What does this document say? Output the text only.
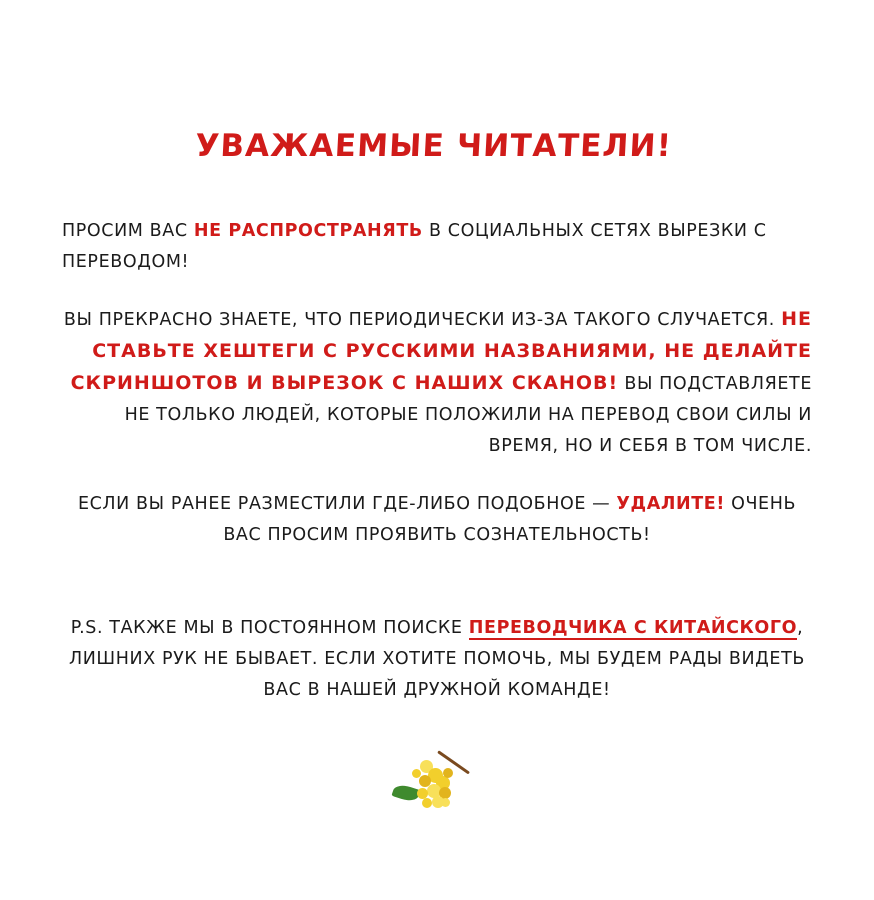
УВАЖАЕМЫЕ ЧИТАТЕЛИ!

ПРОСИМ ВАС НЕ РАСПРОСТРАНЯТЬ В СОЦИАЛЬНЫХ СЕТЯХ ВЫРЕЗКИ С ПЕРЕВОДОМ!

ВЫ ПРЕКРАСНО ЗНАЕТЕ, ЧТО ПЕРИОДИЧЕСКИ ИЗ-ЗА ТАКОГО СЛУЧАЕТСЯ. НЕ СТАВЬТЕ ХЕШТЕГИ С РУССКИМИ НАЗВАНИЯМИ, НЕ ДЕЛАЙТЕ СКРИНШОТОВ И ВЫРЕЗОК С НАШИХ СКАНОВ! ВЫ ПОДСТАВЛЯЕТЕ НЕ ТОЛЬКО ЛЮДЕЙ, КОТОРЫЕ ПОЛОЖИЛИ НА ПЕРЕВОД СВОИ СИЛЫ И ВРЕМЯ, НО И СЕБЯ В ТОМ ЧИСЛЕ.

ЕСЛИ ВЫ РАНЕЕ РАЗМЕСТИЛИ ГДЕ-ЛИБО ПОДОБНОЕ — УДАЛИТЕ! ОЧЕНЬ ВАС ПРОСИМ ПРОЯВИТЬ СОЗНАТЕЛЬНОСТЬ!

P.S. ТАКЖЕ МЫ В ПОСТОЯННОМ ПОИСКЕ ПЕРЕВОДЧИКА С КИТАЙСКОГО, ЛИШНИХ РУК НЕ БЫВАЕТ. ЕСЛИ ХОТИТЕ ПОМОЧЬ, МЫ БУДЕМ РАДЫ ВИДЕТЬ ВАС В НАШЕЙ ДРУЖНОЙ КОМАНДЕ!
